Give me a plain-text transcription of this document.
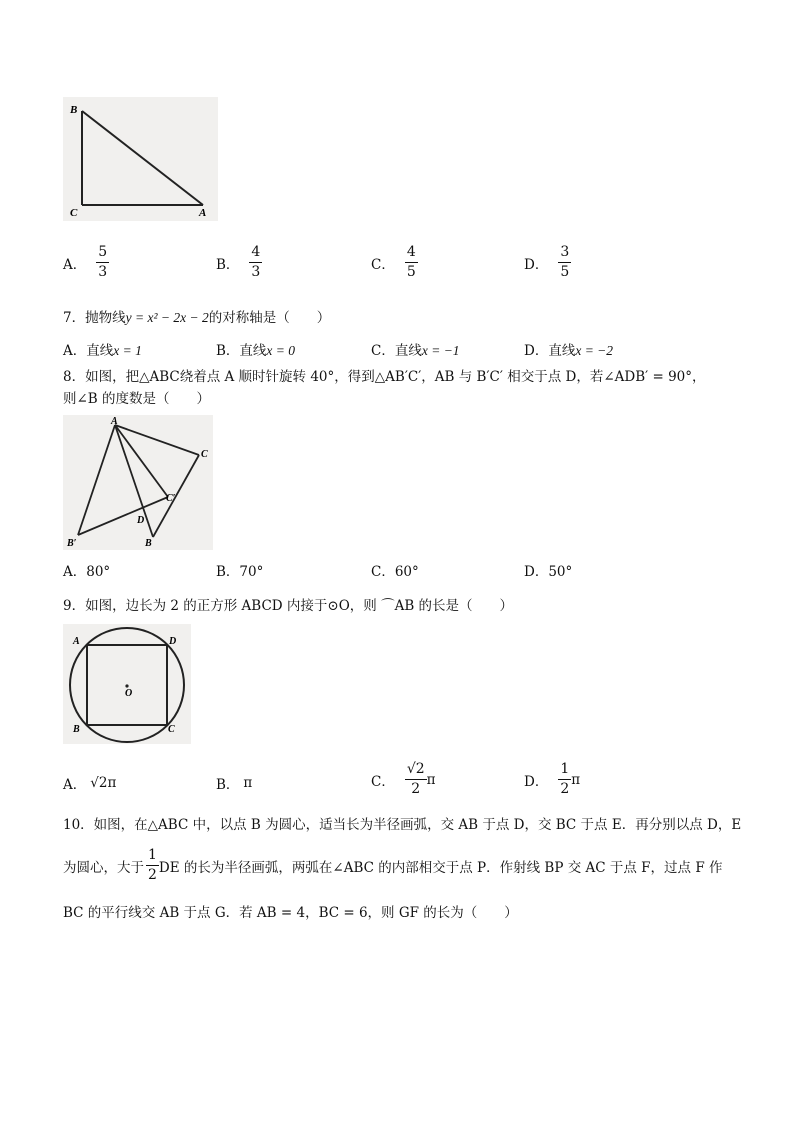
B
C	A
A． $\frac{5}{3}$	B． $\frac{4}{3}$	C． $\frac{4}{5}$	D． $\frac{3}{5}$
7．抛物线y = x² − 2x − 2的对称轴是（　　）
A．直线x = 1	B．直线x = 0	C．直线x = −1	D．直线x = −2
8．如图，把△ABC绕着点 A 顺时针旋转 40°，得到△AB′C′，AB 与 B′C′ 相交于点 D，若∠ADB′ = 90°，
则∠B 的度数是（　　）
A
C
C′
D
B′	B
A．80°	B．70°	C．60°	D．50°
9．如图，边长为 2 的正方形 ABCD 内接于⊙O，则 ⌒AB 的长是（　　）
A	D
O
B	C
A． √2 π	B． π	C． $\frac{√2}{2}$ π	D． $\frac{1}{2}$ π
10．如图，在△ABC 中，以点 B 为圆心，适当长为半径画弧，交 AB 于点 D，交 BC 于点 E．再分别以点 D，E
为圆心，大于 $\frac{1}{2}$ DE 的长为半径画弧，两弧在∠ABC 的内部相交于点 P．作射线 BP 交 AC 于点 F，过点 F 作
BC 的平行线交 AB 于点 G．若 AB = 4，BC = 6，则 GF 的长为（　　）
